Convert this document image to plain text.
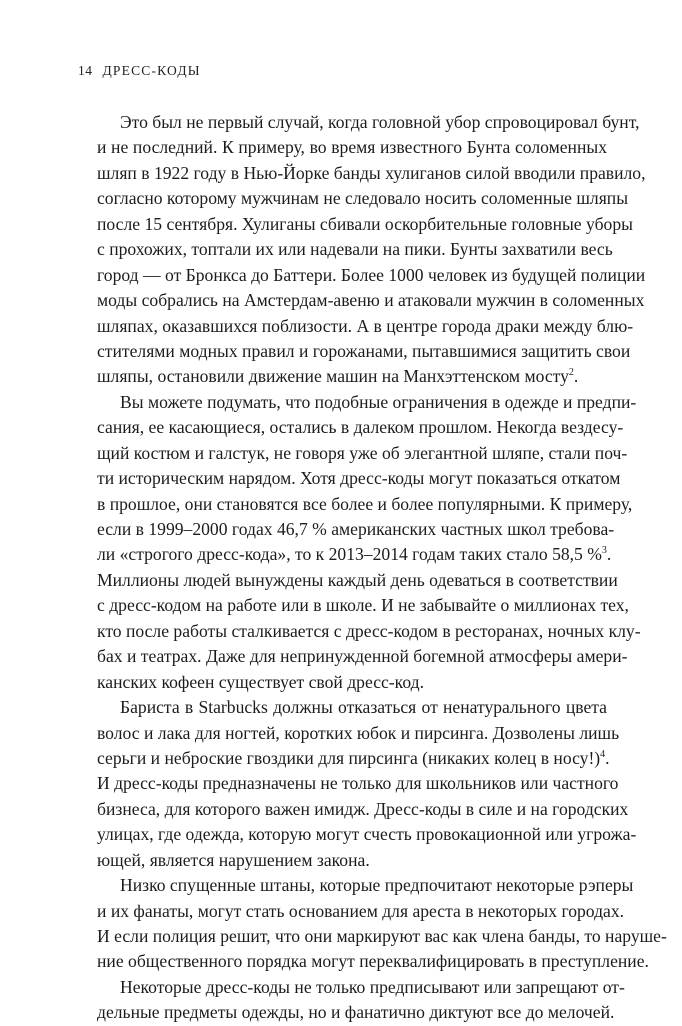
14 ДРЕСС-КОДЫ
Это был не первый случай, когда головной убор спровоцировал бунт,
и не последний. К примеру, во время известного Бунта соломенных
шляп в 1922 году в Нью-Йорке банды хулиганов силой вводили правило,
согласно которому мужчинам не следовало носить соломенные шляпы
после 15 сентября. Хулиганы сбивали оскорбительные головные уборы
с прохожих, топтали их или надевали на пики. Бунты захватили весь
город — от Бронкса до Баттери. Более 1000 человек из будущей полиции
моды собрались на Амстердам-авеню и атаковали мужчин в соломенных
шляпах, оказавшихся поблизости. А в центре города драки между блю-
стителями модных правил и горожанами, пытавшимися защитить свои
шляпы, остановили движение машин на Манхэттенском мосту$^2$.
Вы можете подумать, что подобные ограничения в одежде и предпи-
сания, ее касающиеся, остались в далеком прошлом. Некогда вездесу-
щий костюм и галстук, не говоря уже об элегантной шляпе, стали поч-
ти историческим нарядом. Хотя дресс-коды могут показаться откатом
в прошлое, они становятся все более и более популярными. К примеру,
если в 1999–2000 годах 46,7 % американских частных школ требова-
ли «строгого дресс-кода», то к 2013–2014 годам таких стало 58,5 %$^3$.
Миллионы людей вынуждены каждый день одеваться в соответствии
с дресс-кодом на работе или в школе. И не забывайте о миллионах тех,
кто после работы сталкивается с дресс-кодом в ресторанах, ночных клу-
бах и театрах. Даже для непринужденной богемной атмосферы амери-
канских кофеен существует свой дресс-код.
Бариста в Starbucks должны отказаться от ненатурального цвета
волос и лака для ногтей, коротких юбок и пирсинга. Дозволены лишь
серьги и неброские гвоздики для пирсинга (никаких колец в носу!)$^4$.
И дресс-коды предназначены не только для школьников или частного
бизнеса, для которого важен имидж. Дресс-коды в силе и на городских
улицах, где одежда, которую могут счесть провокационной или угрожа-
ющей, является нарушением закона.
Низко спущенные штаны, которые предпочитают некоторые рэперы
и их фанаты, могут стать основанием для ареста в некоторых городах.
И если полиция решит, что они маркируют вас как члена банды, то наруше-
ние общественного порядка могут переквалифицировать в преступление.
Некоторые дресс-коды не только предписывают или запрещают от-
дельные предметы одежды, но и фанатично диктуют все до мелочей.
